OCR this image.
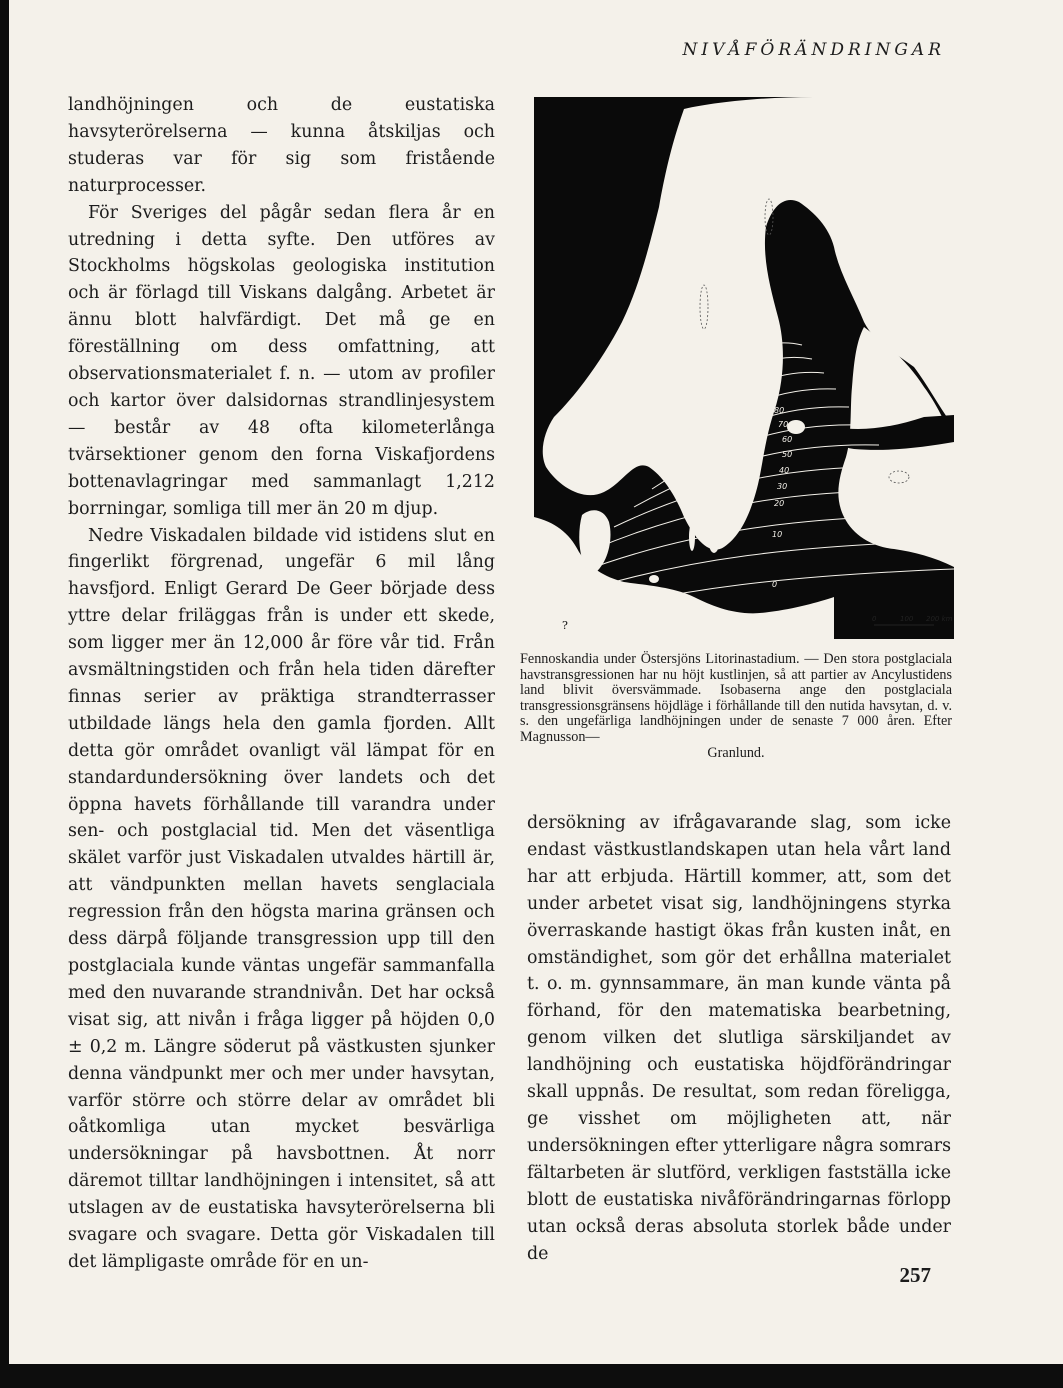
NIVÅFÖRÄNDRINGAR

landhöjningen och de eustatiska havsyterörelserna — kunna åtskiljas och studeras var för sig som fristående naturprocesser.

För Sveriges del pågår sedan flera år en utredning i detta syfte. Den utföres av Stockholms högskolas geologiska institution och är förlagd till Viskans dalgång. Arbetet är ännu blott halvfärdigt. Det må ge en föreställning om dess omfattning, att observationsmaterialet f. n. — utom av profiler och kartor över dalsidornas strandlinjesystem — består av 48 ofta kilometerlånga tvärsektioner genom den forna Viskafjordens bottenavlagringar med sammanlagt 1,212 borrningar, somliga till mer än 20 m djup.

Nedre Viskadalen bildade vid istidens slut en fingerlikt förgrenad, ungefär 6 mil lång havsfjord. Enligt Gerard De Geer började dess yttre delar friläggas från is under ett skede, som ligger mer än 12,000 år före vår tid. Från avsmältningstiden och från hela tiden därefter finnas serier av präktiga strandterrasser utbildade längs hela den gamla fjorden. Allt detta gör området ovanligt väl lämpat för en standardundersökning över landets och det öppna havets förhållande till varandra under sen- och postglacial tid. Men det väsentliga skälet varför just Viskadalen utvaldes härtill är, att vändpunkten mellan havets senglaciala regression från den högsta marina gränsen och dess därpå följande transgression upp till den postglaciala kunde väntas ungefär sammanfalla med den nuvarande strandnivån. Det har också visat sig, att nivån i fråga ligger på höjden 0,0 ± 0,2 m. Längre söderut på västkusten sjunker denna vändpunkt mer och mer under havsytan, varför större och större delar av området bli oåtkomliga utan mycket besvärliga undersökningar på havsbottnen. Åt norr däremot tilltar landhöjningen i intensitet, så att utslagen av de eustatiska havsyterörelserna bli svagare och svagare. Detta gör Viskadalen till det lämpligaste område för en un-

110
100
90
80
70
60
50
40
30
20
10
0
0	100 200 km
?
?
Fennoskandia under Östersjöns Litorinastadium. — Den stora postglaciala havstransgressionen har nu höjt kustlinjen, så att partier av Ancylustidens land blivit översvämmade. Isobaserna ange den postglaciala transgressionsgränsens höjdläge i förhållande till den nutida havsytan, d. v. s. den ungefärliga landhöjningen under de senaste 7 000 åren. Efter Magnusson—
Granlund.

dersökning av ifrågavarande slag, som icke endast västkustlandskapen utan hela vårt land har att erbjuda. Härtill kommer, att, som det under arbetet visat sig, landhöjningens styrka överraskande hastigt ökas från kusten inåt, en omständighet, som gör det erhållna materialet t. o. m. gynnsammare, än man kunde vänta på förhand, för den matematiska bearbetning, genom vilken det slutliga särskiljandet av landhöjning och eustatiska höjdförändringar skall uppnås. De resultat, som redan föreligga, ge visshet om möjligheten att, när undersökningen efter ytterligare några somrars fältarbeten är slutförd, verkligen fastställa icke blott de eustatiska nivåförändringarnas förlopp utan också deras absoluta storlek både under de

257
